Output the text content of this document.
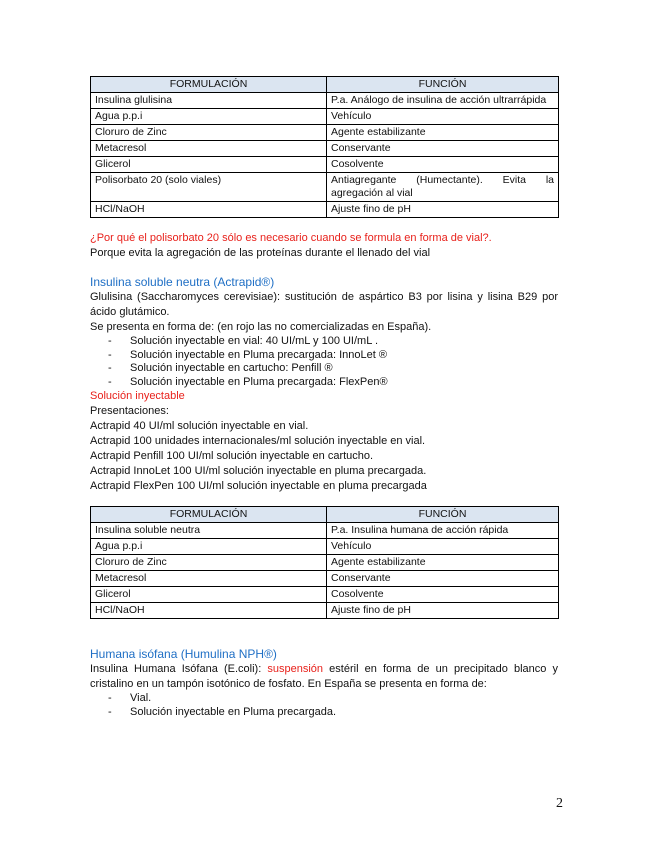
FORMULACIÓN	FUNCIÓN
Insulina glulisina	P.a. Análogo de insulina de acción ultrarrápida
Agua p.p.i	Vehículo
Cloruro de Zinc	Agente estabilizante
Metacresol	Conservante
Glicerol	Cosolvente
Polisorbato 20 (solo viales)	Antiagregante (Humectante). Evita la agregación al vial
HCl/NaOH	Ajuste fino de pH

¿Por qué el polisorbato 20 sólo es necesario cuando se formula en forma de vial?.

Porque evita la agregación de las proteínas durante el llenado del vial

Insulina soluble neutra (Actrapid®)

Glulisina (Saccharomyces cerevisiae): sustitución de aspártico B3 por lisina y lisina B29 por ácido glutámico.

Se presenta en forma de: (en rojo las no comercializadas en España).

- Solución inyectable en vial: 40 UI/mL y 100 UI/mL .
- Solución inyectable en Pluma precargada: InnoLet ®
- Solución inyectable en cartucho: Penfill ®
- Solución inyectable en Pluma precargada: FlexPen®

Solución inyectable

Presentaciones:

Actrapid 40 UI/ml solución inyectable en vial.

Actrapid 100 unidades internacionales/ml solución inyectable en vial.

Actrapid Penfill 100 UI/ml solución inyectable en cartucho.

Actrapid InnoLet 100 UI/ml solución inyectable en pluma precargada.

Actrapid FlexPen 100 UI/ml solución inyectable en pluma precargada

FORMULACIÓN	FUNCIÓN
Insulina soluble neutra	P.a. Insulina humana de acción rápida
Agua p.p.i	Vehículo
Cloruro de Zinc	Agente estabilizante
Metacresol	Conservante
Glicerol	Cosolvente
HCl/NaOH	Ajuste fino de pH

Humana isófana (Humulina NPH®)

Insulina Humana Isófana (E.coli): suspensión estéril en forma de un precipitado blanco y cristalino en un tampón isotónico de fosfato. En España se presenta en forma de:

- Vial.
- Solución inyectable en Pluma precargada.
2
